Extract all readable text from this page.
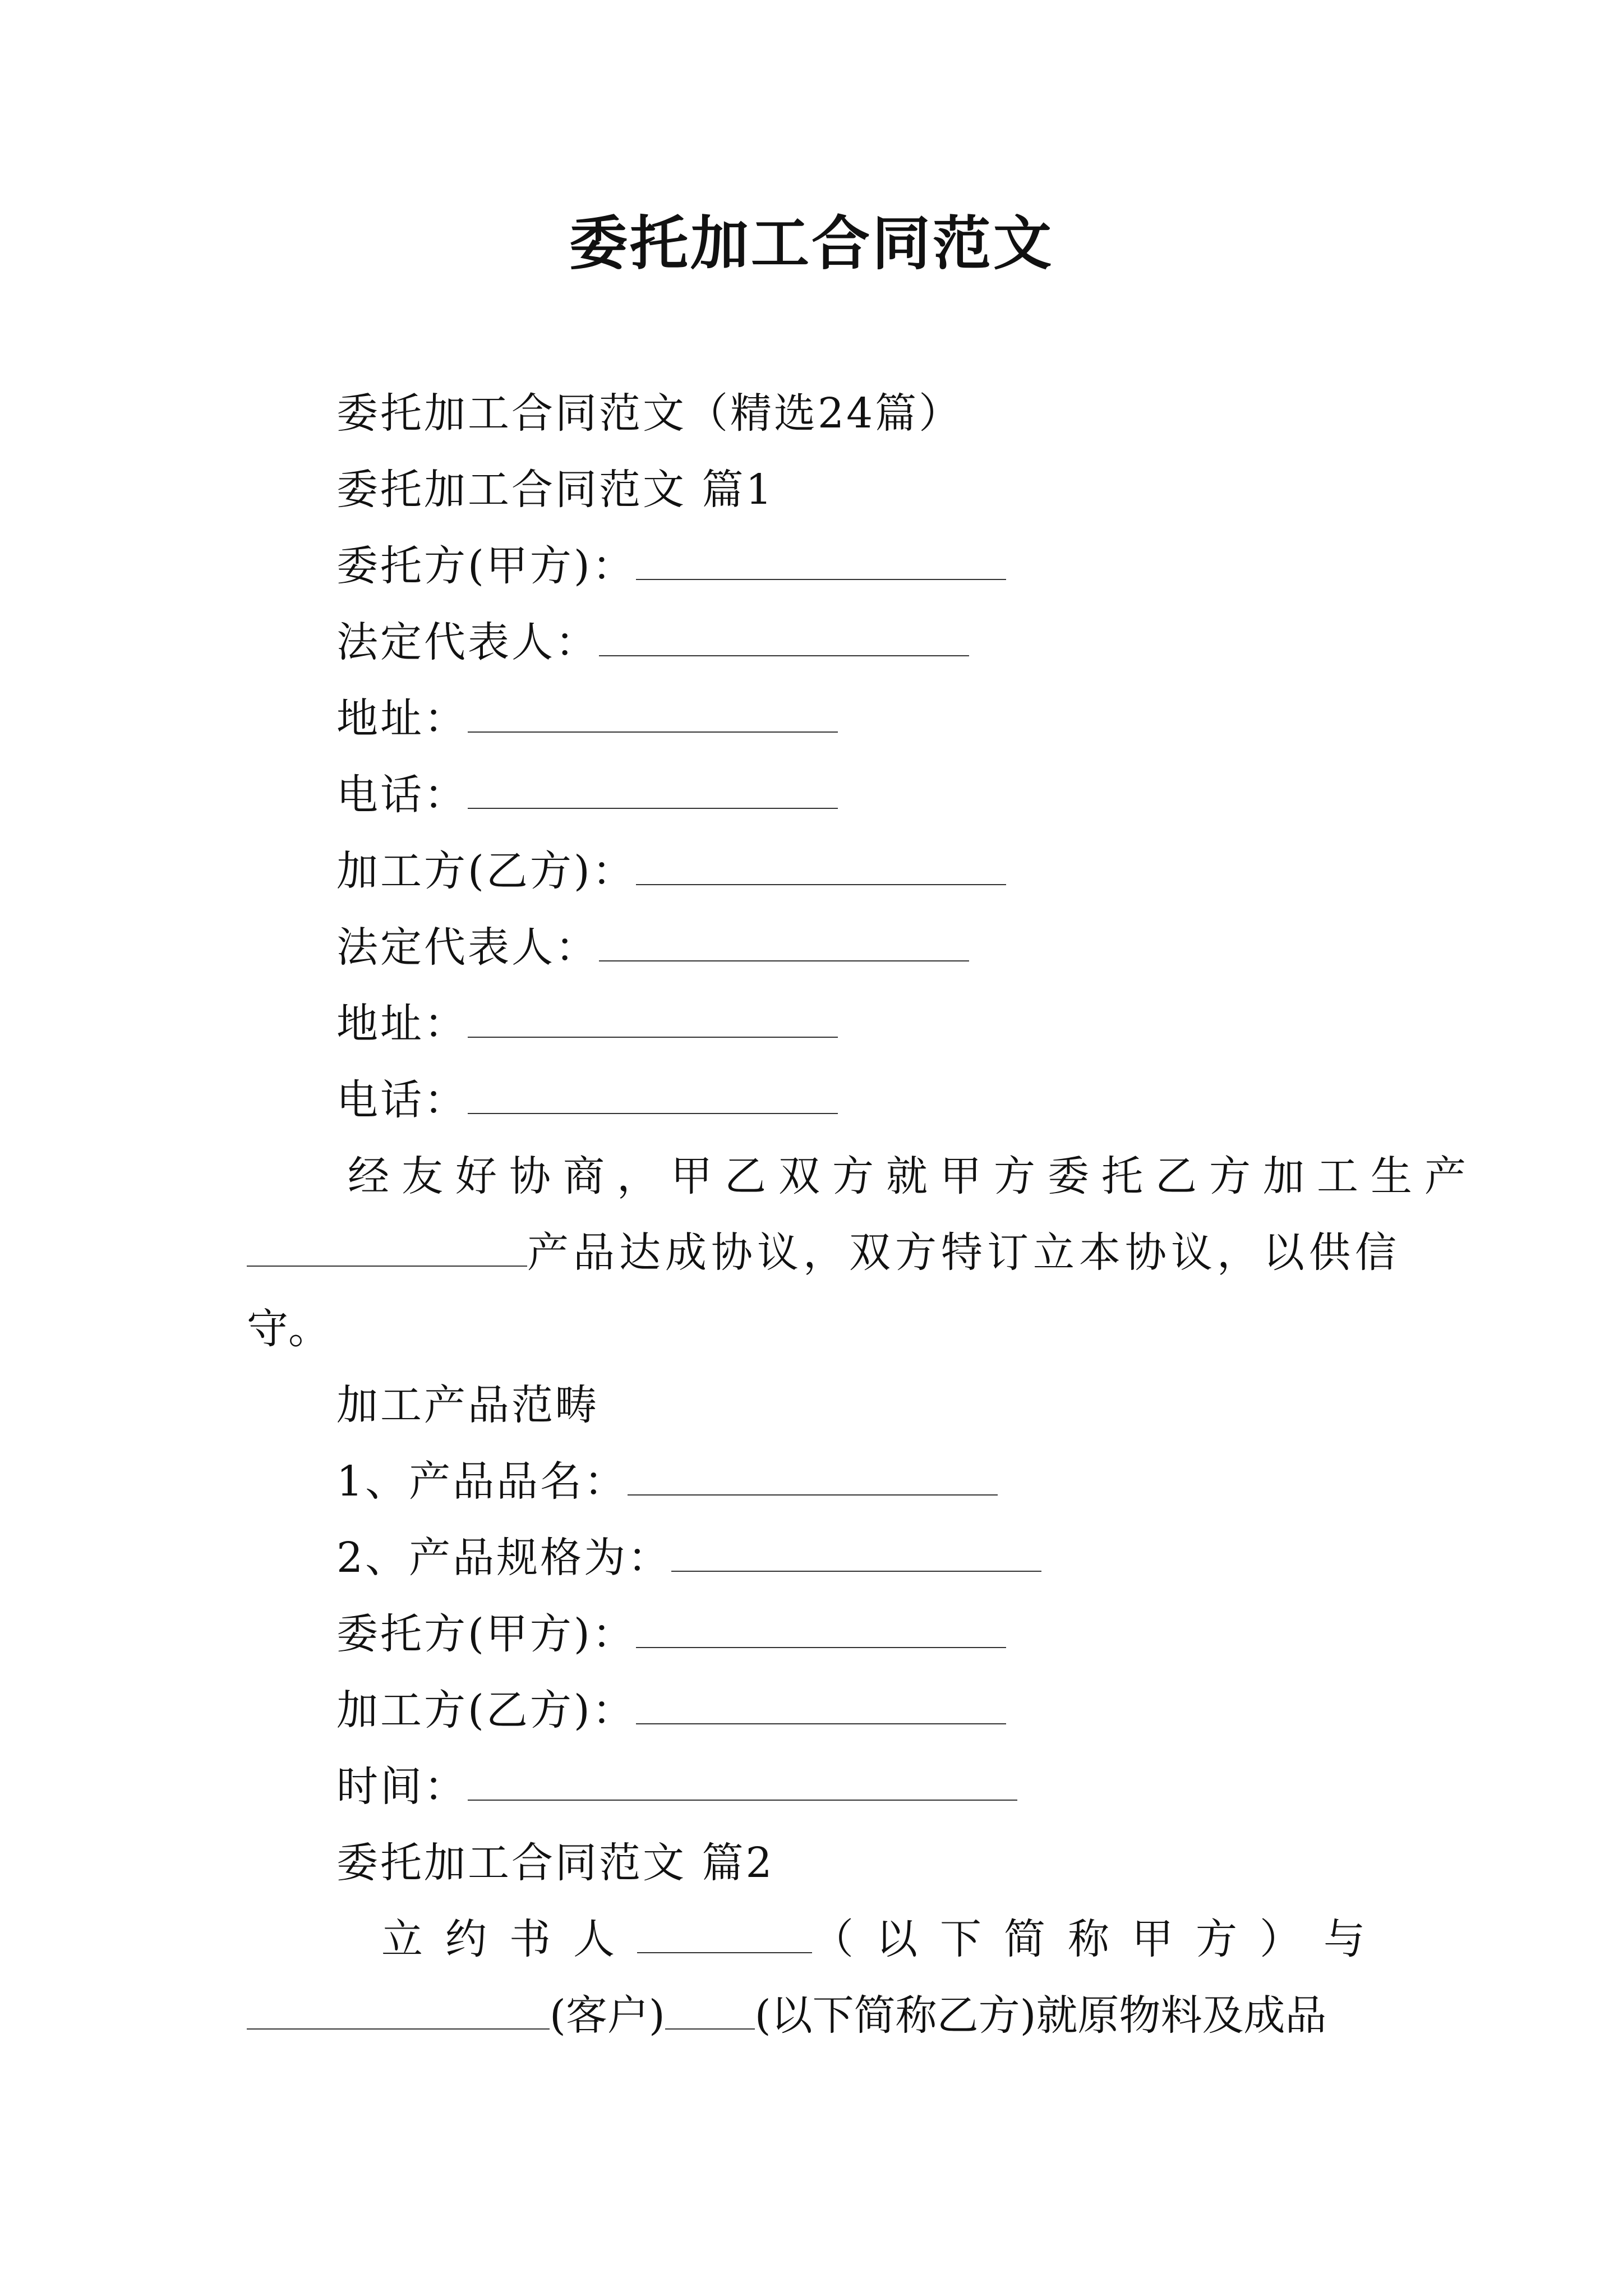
委托加工合同范文
委托加工合同范文（精选24篇）
委托加工合同范文 篇1
委托方(甲方)：
法定代表人：
地址：
电话：
加工方(乙方)：
法定代表人：
地址：
电话：
经友好协商，甲乙双方就甲方委托乙方加工生产
产品达成协议，双方特订立本协议，以供信
守。
加工产品范畴
1、产品品名：
2、产品规格为：
委托方(甲方)：
加工方(乙方)：
时间：
委托加工合同范文 篇2
立约书人	（以下简称甲方）与
(客户) (以下简称乙方)就原物料及成品
